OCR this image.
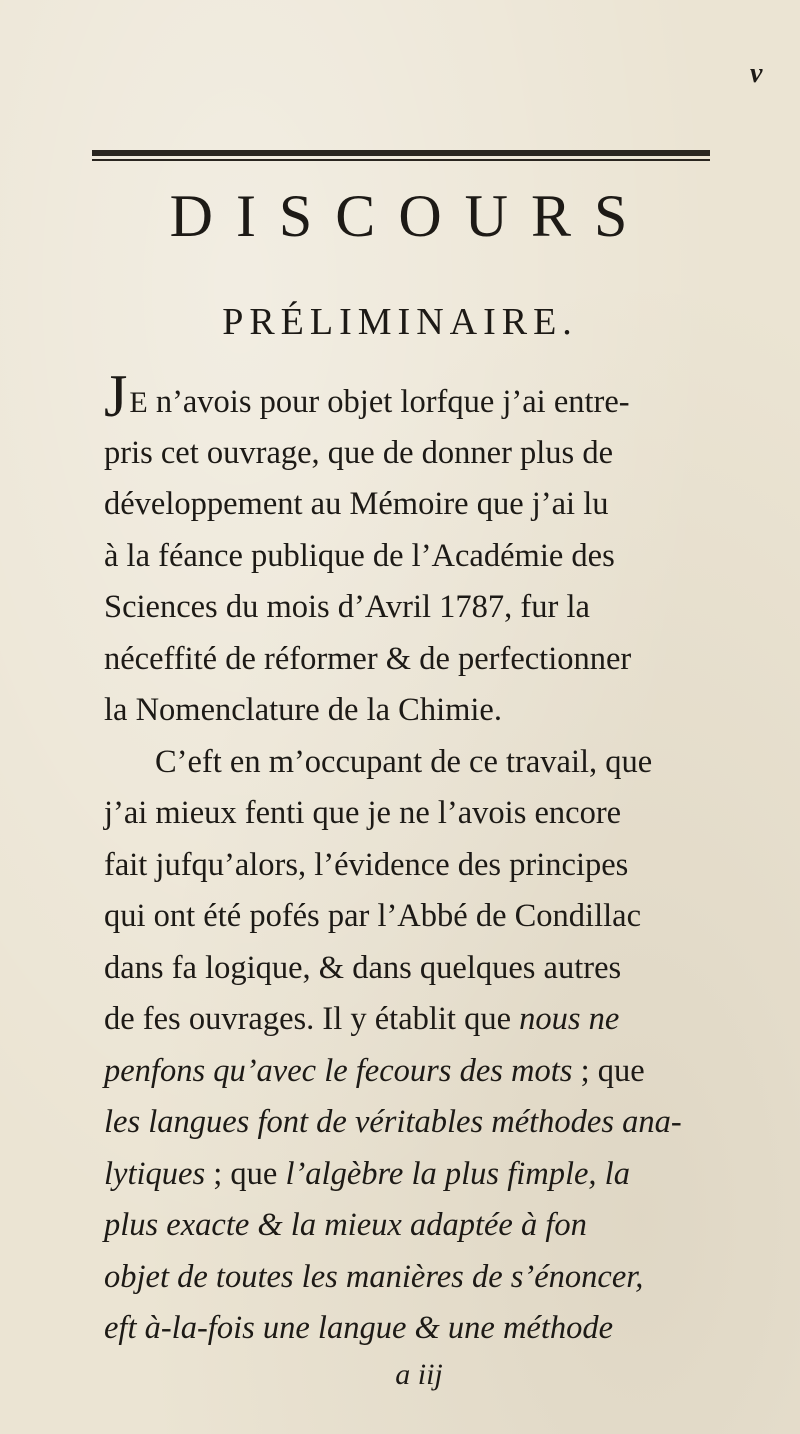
v
DISCOURS
PRÉLIMINAIRE.
JE n’avois pour objet lorfque j’ai entre-
pris cet ouvrage, que de donner plus de
développement au Mémoire que j’ai lu
à la féance publique de l’Académie des
Sciences du mois d’Avril 1787, fur la
néceffité de réformer & de perfectionner
la Nomenclature de la Chimie.
C’eft en m’occupant de ce travail, que
j’ai mieux fenti que je ne l’avois encore
fait jufqu’alors, l’évidence des principes
qui ont été pofés par l’Abbé de Condillac
dans fa logique, & dans quelques autres
de fes ouvrages. Il y établit que nous ne
penfons qu’avec le fecours des mots ; que
les langues font de véritables méthodes ana-
lytiques ; que l’algèbre la plus fimple, la
plus exacte & la mieux adaptée à fon
objet de toutes les manières de s’énoncer,
eft à-la-fois une langue & une méthode
a iij
